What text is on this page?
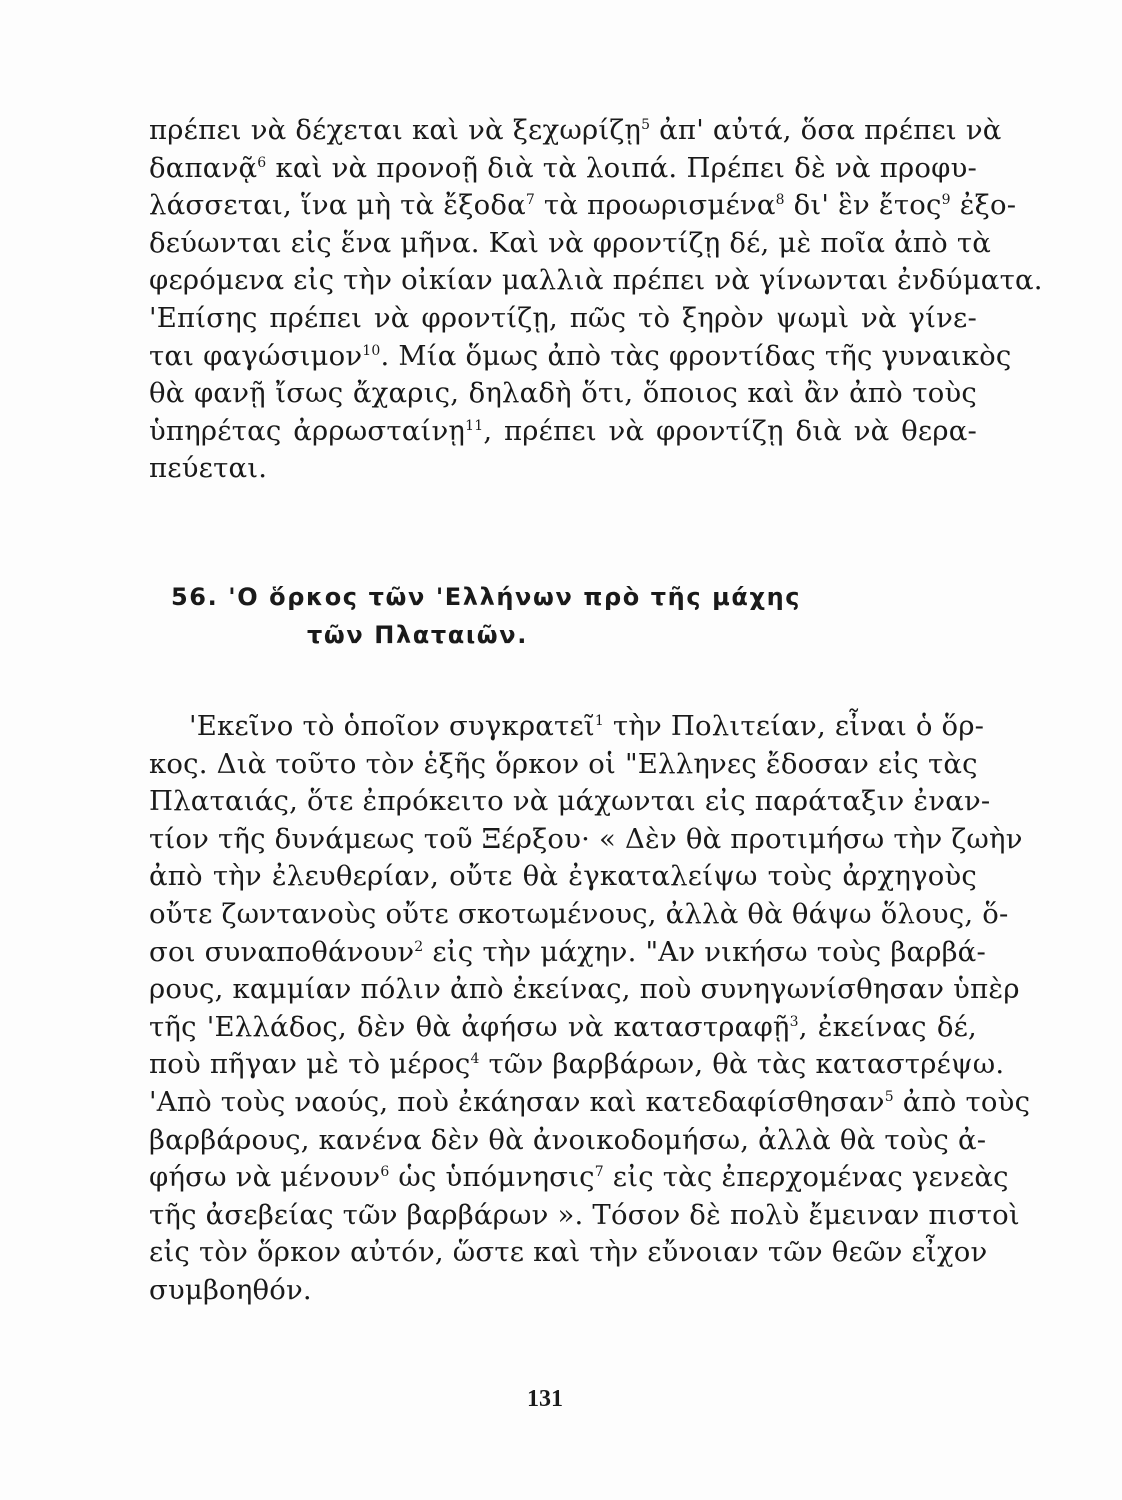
πρέπει νὰ δέχεται καὶ νὰ ξεχωρίζῃ$^5$ ἀπ' αὐτά, ὅσα πρέπει νὰ
δαπανᾷ$^6$ καὶ νὰ προνοῇ διὰ τὰ λοιπά. Πρέπει δὲ νὰ προφυ-
λάσσεται, ἵνα μὴ τὰ ἔξοδα$^7$ τὰ προωρισμένα$^8$ δι' ἓν ἔτος$^9$ ἐξο-
δεύωνται εἰς ἕνα μῆνα. Καὶ νὰ φροντίζῃ δέ, μὲ ποῖα ἀπὸ τὰ
φερόμενα εἰς τὴν οἰκίαν μαλλιὰ πρέπει νὰ γίνωνται ἐνδύματα.
'Επίσης πρέπει νὰ φροντίζῃ, πῶς τὸ ξηρὸν ψωμὶ νὰ γίνε-
ται φαγώσιμον$^{10}$. Μία ὅμως ἀπὸ τὰς φροντίδας τῆς γυναικὸς
θὰ φανῇ ἴσως ἄχαρις, δηλαδὴ ὅτι, ὅποιος καὶ ἂν ἀπὸ τοὺς
ὑπηρέτας ἀρρωσταίνῃ$^{11}$, πρέπει νὰ φροντίζῃ διὰ νὰ θερα-
πεύεται.
56. 'Ο ὅρκος τῶν 'Ελλήνων πρὸ τῆς μάχης
τῶν Πλαταιῶν.
'Εκεῖνο τὸ ὁποῖον συγκρατεῖ$^1$ τὴν Πολιτείαν, εἶναι ὁ ὅρ-
κος. Διὰ τοῦτο τὸν ἑξῆς ὅρκον οἱ "Ελληνες ἔδοσαν εἰς τὰς
Πλαταιάς, ὅτε ἐπρόκειτο νὰ μάχωνται εἰς παράταξιν ἐναν-
τίον τῆς δυνάμεως τοῦ Ξέρξου· « Δὲν θὰ προτιμήσω τὴν ζωὴν
ἀπὸ τὴν ἐλευθερίαν, οὔτε θὰ ἐγκαταλείψω τοὺς ἀρχηγοὺς
οὔτε ζωντανοὺς οὔτε σκοτωμένους, ἀλλὰ θὰ θάψω ὅλους, ὅ-
σοι συναποθάνουν$^2$ εἰς τὴν μάχην. "Αν νικήσω τοὺς βαρβά-
ρους, καμμίαν πόλιν ἀπὸ ἐκείνας, ποὺ συνηγωνίσθησαν ὑπὲρ
τῆς 'Ελλάδος, δὲν θὰ ἀφήσω νὰ καταστραφῇ$^3$, ἐκείνας δέ,
ποὺ πῆγαν μὲ τὸ μέρος$^4$ τῶν βαρβάρων, θὰ τὰς καταστρέψω.
'Απὸ τοὺς ναούς, ποὺ ἐκάησαν καὶ κατεδαφίσθησαν$^5$ ἀπὸ τοὺς
βαρβάρους, κανένα δὲν θὰ ἀνοικοδομήσω, ἀλλὰ θὰ τοὺς ἀ-
φήσω νὰ μένουν$^6$ ὡς ὑπόμνησις$^7$ εἰς τὰς ἐπερχομένας γενεὰς
τῆς ἀσεβείας τῶν βαρβάρων ». Τόσον δὲ πολὺ ἔμειναν πιστοὶ
εἰς τὸν ὅρκον αὐτόν, ὥστε καὶ τὴν εὔνοιαν τῶν θεῶν εἶχον
συμβοηθόν.
131
